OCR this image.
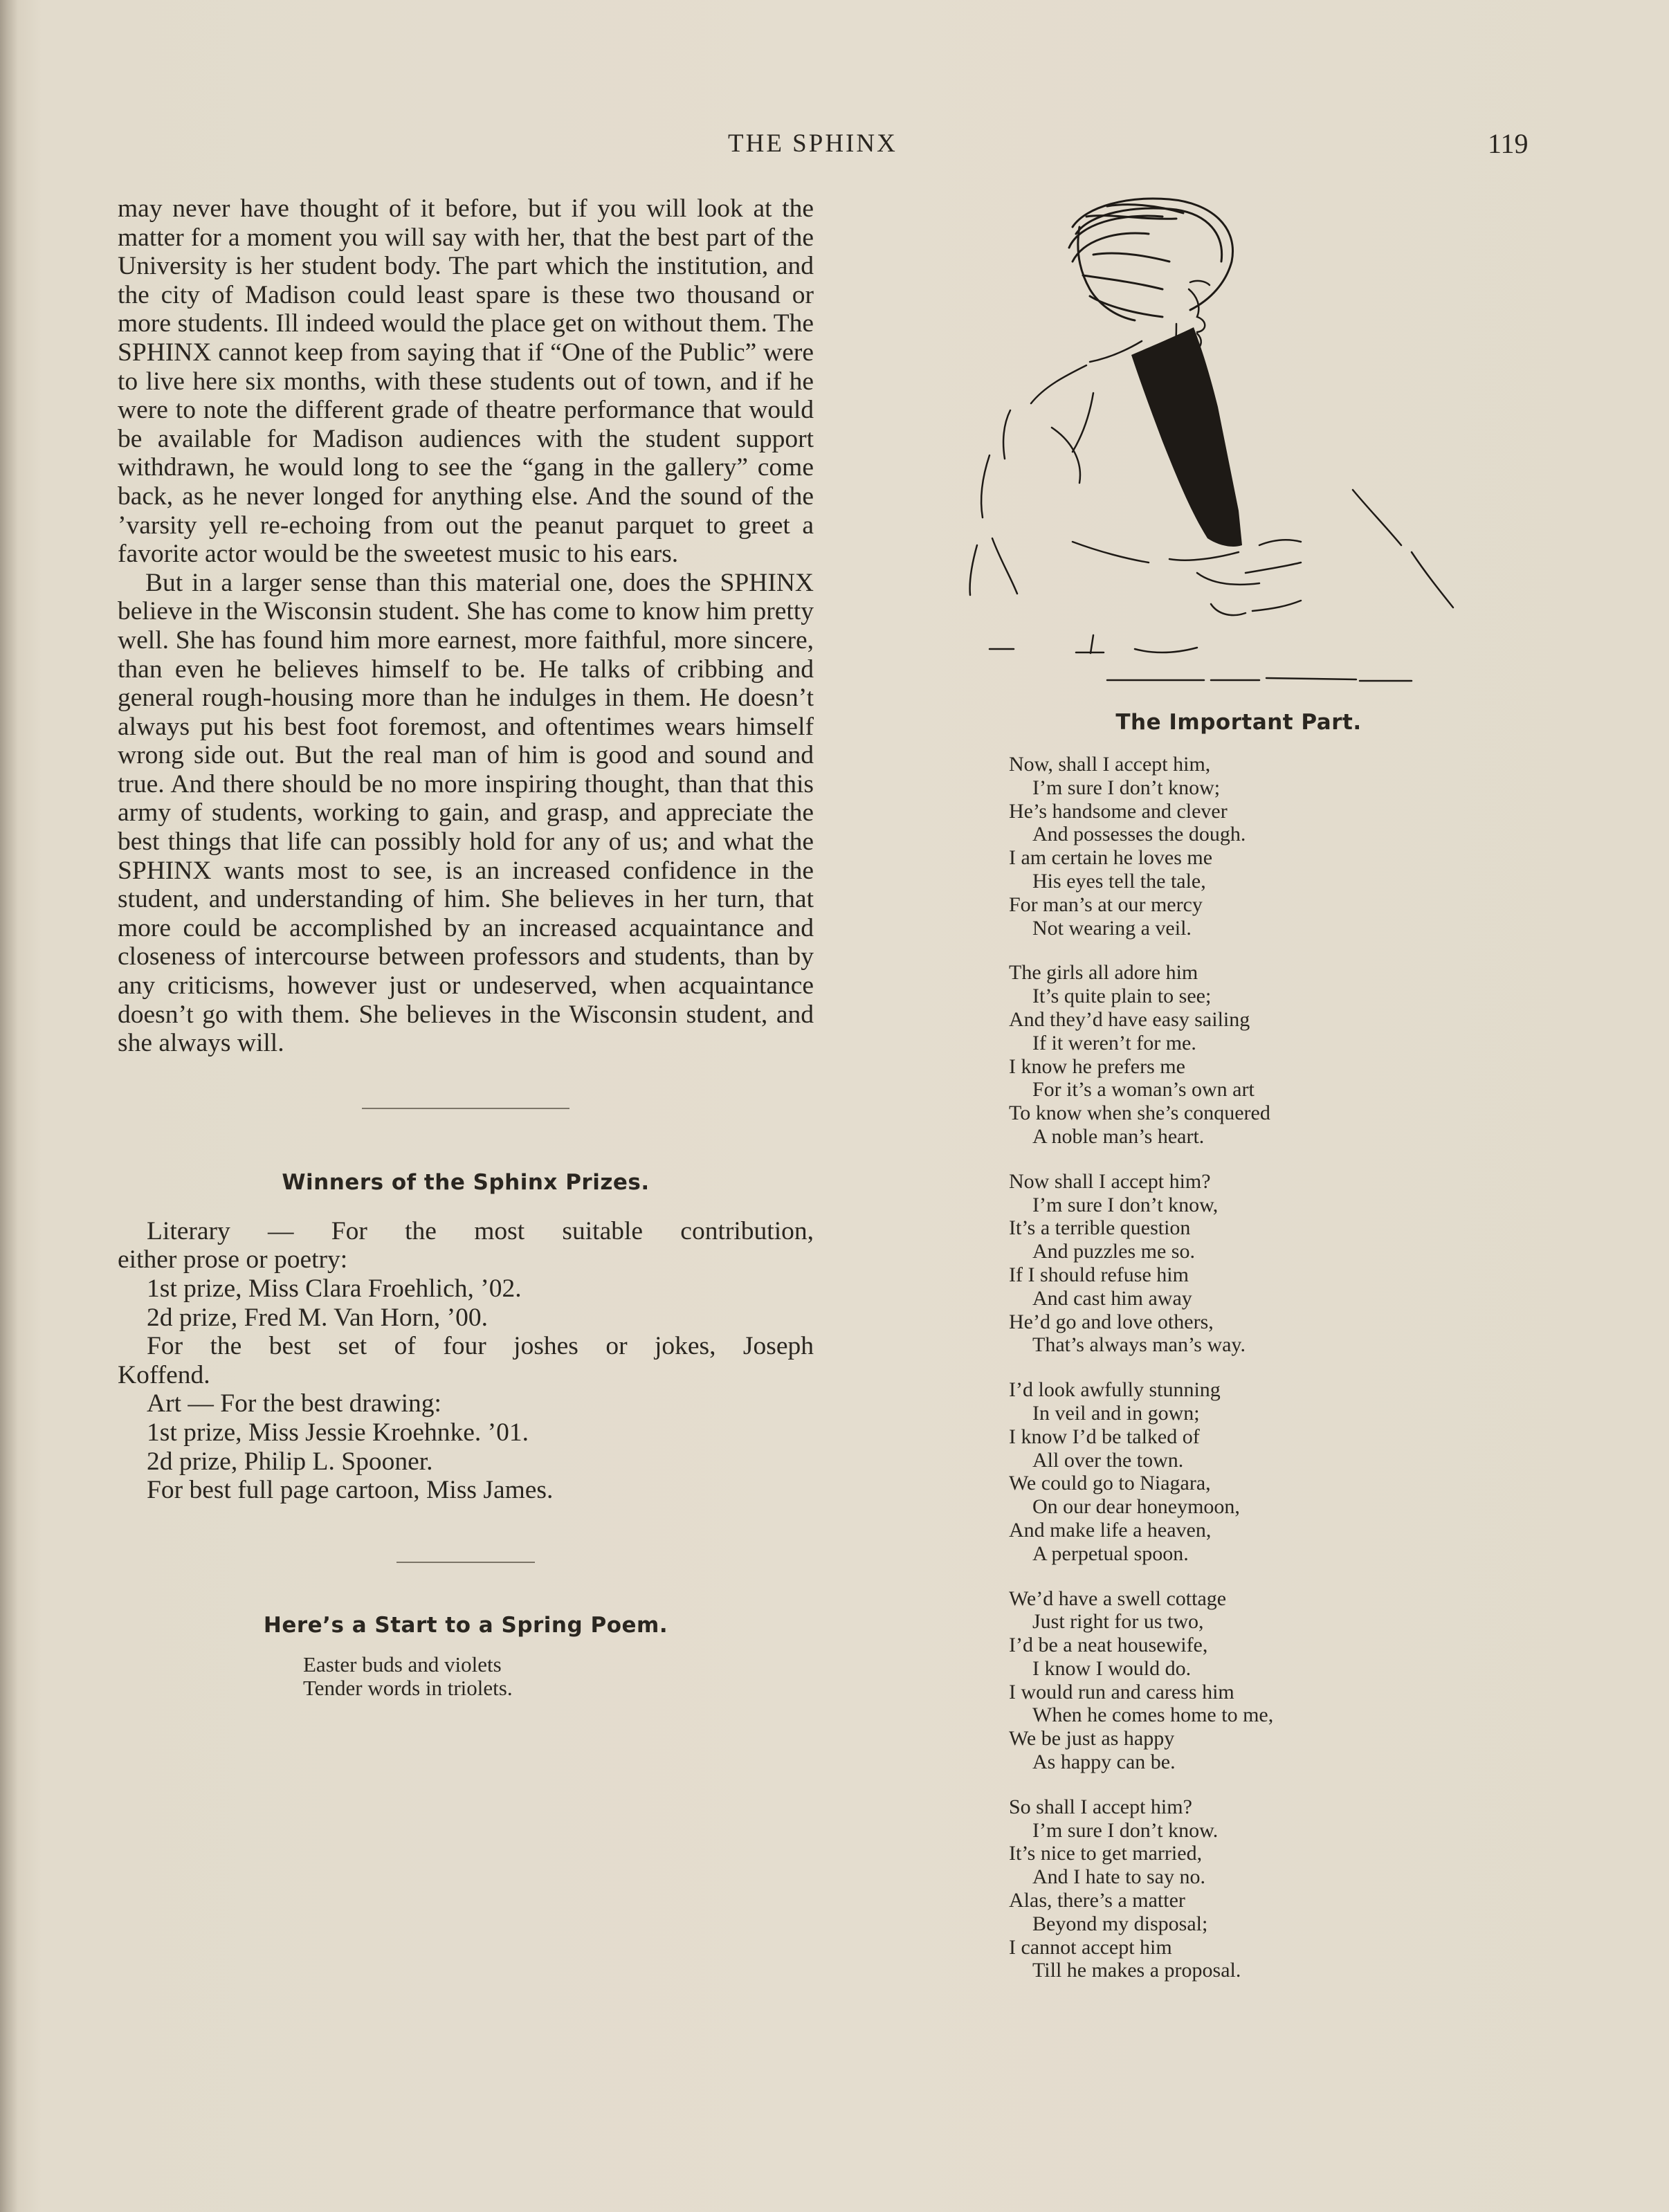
THE SPHINX	119

may never have thought of it before, but if you will look at the matter for a moment you will say with her, that the best part of the University is her student body. The part which the institution, and the city of Madison could least spare is these two thousand or more students. Ill indeed would the place get on without them. The SPHINX cannot keep from saying that if “One of the Public” were to live here six months, with these students out of town, and if he were to note the different grade of theatre performance that would be available for Madison audiences with the student support withdrawn, he would long to see the “gang in the gallery” come back, as he never longed for anything else. And the sound of the ’varsity yell re-echoing from out the peanut parquet to greet a favorite actor would be the sweetest music to his ears.

But in a larger sense than this material one, does the SPHINX believe in the Wisconsin student. She has come to know him pretty well. She has found him more earnest, more faithful, more sincere, than even he believes himself to be. He talks of cribbing and general rough-housing more than he indulges in them. He doesn’t always put his best foot foremost, and oftentimes wears himself wrong side out. But the real man of him is good and sound and true. And there should be no more inspiring thought, than that this army of students, working to gain, and grasp, and appreciate the best things that life can possibly hold for any of us; and what the SPHINX wants most to see, is an increased confidence in the student, and understanding of him. She believes in her turn, that more could be accomplished by an increased acquaintance and closeness of intercourse between professors and students, than by any criticisms, however just or undeserved, when acquaintance doesn’t go with them. She believes in the Wisconsin student, and she always will.

Winners of the Sphinx Prizes.
Literary — For the most suitable contribution,
either prose or poetry:
1st prize, Miss Clara Froehlich, ’02.
2d prize, Fred M. Van Horn, ’00.
For the best set of four joshes or jokes, Joseph
Koffend.
Art — For the best drawing:
1st prize, Miss Jessie Kroehnke. ’01.
2d prize, Philip L. Spooner.
For best full page cartoon, Miss James.
Here’s a Start to a Spring Poem.
Easter buds and violets
Tender words in triolets.
The Important Part.
Now, shall I accept him,
I’m sure I don’t know;
He’s handsome and clever
And possesses the dough.
I am certain he loves me
His eyes tell the tale,
For man’s at our mercy
Not wearing a veil.
The girls all adore him
It’s quite plain to see;
And they’d have easy sailing
If it weren’t for me.
I know he prefers me
For it’s a woman’s own art
To know when she’s conquered
A noble man’s heart.
Now shall I accept him?
I’m sure I don’t know,
It’s a terrible question
And puzzles me so.
If I should refuse him
And cast him away
He’d go and love others,
That’s always man’s way.
I’d look awfully stunning
In veil and in gown;
I know I’d be talked of
All over the town.
We could go to Niagara,
On our dear honeymoon,
And make life a heaven,
A perpetual spoon.
We’d have a swell cottage
Just right for us two,
I’d be a neat housewife,
I know I would do.
I would run and caress him
When he comes home to me,
We be just as happy
As happy can be.
So shall I accept him?
I’m sure I don’t know.
It’s nice to get married,
And I hate to say no.
Alas, there’s a matter
Beyond my disposal;
I cannot accept him
Till he makes a proposal.
